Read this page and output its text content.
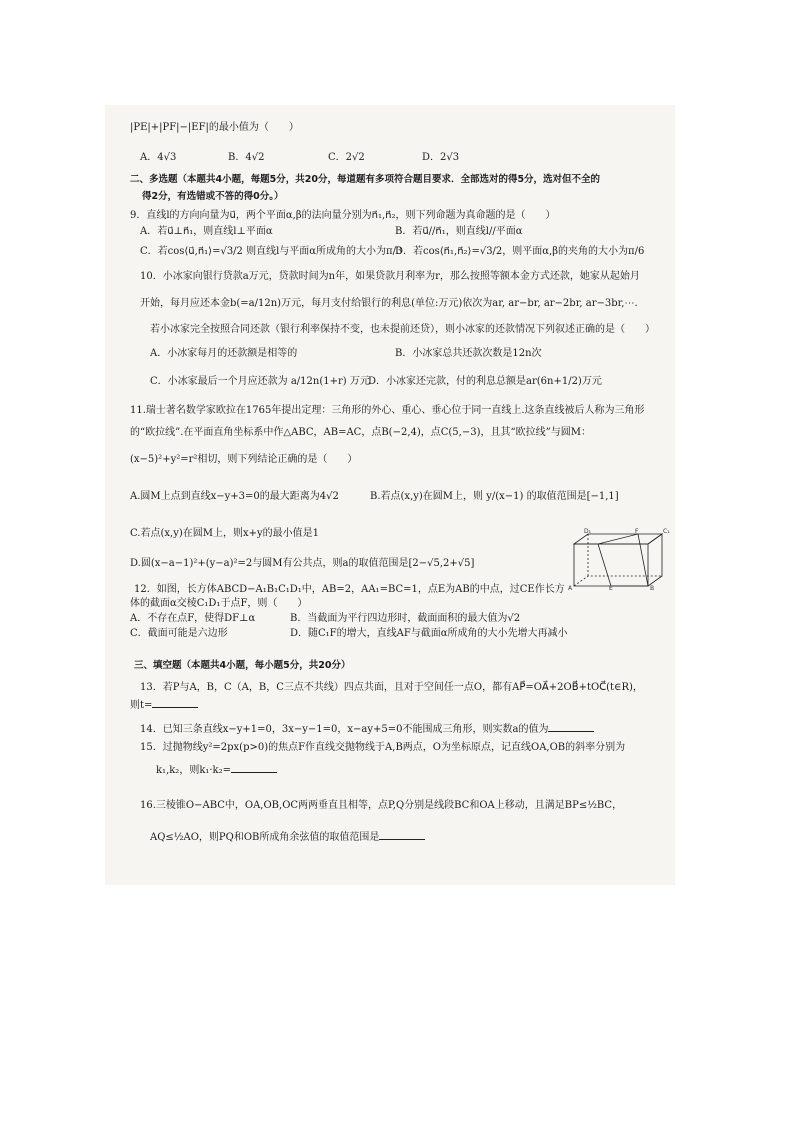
|PE|+|PF|−|EF|的最小值为（　　）
A．4√3	B．4√2	C．2√2	D．2√3
二、多选题（本题共4小题，每题5分，共20分，每道题有多项符合题目要求．全部选对的得5分，选对但不全的
得2分，有选错或不答的得0分。）
9．直线l的方向向量为u⃗，两个平面α,β的法向量分别为n⃗₁,n⃗₂，则下列命题为真命题的是（　　）
A．若u⃗⊥n⃗₁，则直线l⊥平面α	B．若u⃗//n⃗₁，则直线l//平面α
C．若cos⟨u⃗,n⃗₁⟩=√3/2 则直线l与平面α所成角的大小为π/3
D．若cos⟨n⃗₁,n⃗₂⟩=√3/2，则平面α,β的夹角的大小为π/6
10．小冰家向银行贷款a万元，贷款时间为n年，如果贷款月利率为r，那么按照等额本金方式还款，她家从起始月
开始，每月应还本金b(=a/12n)万元，每月支付给银行的利息(单位:万元)依次为ar, ar−br, ar−2br, ar−3br,⋯.
若小冰家完全按照合同还款（银行利率保持不变，也未提前还贷），则小冰家的还款情况下列叙述正确的是（　　）
A．小冰家每月的还款额是相等的	B．小冰家总共还款次数是12n次
C．小冰家最后一个月应还款为 a/12n(1+r) 万元
D．小冰家还完款，付的利息总额是ar(6n+1/2)万元
11.瑞士著名数学家欧拉在1765年提出定理：三角形的外心、重心、垂心位于同一直线上.这条直线被后人称为三角形
的“欧拉线”.在平面直角坐标系中作△ABC，AB=AC，点B(−2,4)，点C(5,−3)，且其“欧拉线”与圆M：
(x−5)²+y²=r²相切，则下列结论正确的是（　　）
A.圆M上点到直线x−y+3=0的最大距离为4√2	B.若点(x,y)在圆M上，则 y/(x−1) 的取值范围是[−1,1]
C.若点(x,y)在圆M上，则x+y的最小值是1
D.圆(x−a−1)²+(y−a)²=2与圆M有公共点，则a的取值范围是[2−√5,2+√5]
12．如图，长方体ABCD−A₁B₁C₁D₁中，AB=2，AA₁=BC=1，点E为AB的中点，过CE作长方
体的截面α交棱C₁D₁于点F，则（　　）
A．不存在点F，使得DF⊥α	B．当截面为平行四边形时，截面面积的最大值为√2
C．截面可能是六边形	D．随C₁F的增大，直线AF与截面α所成角的大小先增大再减小
三、填空题（本题共4小题，每小题5分，共20分）
13．若P与A，B，C（A，B，C三点不共线）四点共面，且对于空间任一点O，都有AP⃗=OA⃗+2OB⃗+tOC⃗(t∈R)，
则t=
14．已知三条直线x−y+1=0，3x−y−1=0，x−ay+5=0不能围成三角形，则实数a的值为
15．过抛物线y²=2px(p>0)的焦点F作直线交抛物线于A,B两点，O为坐标原点，记直线OA,OB的斜率分别为
k₁,k₂，则k₁·k₂=
16.三棱锥O−ABC中，OA,OB,OC两两垂直且相等，点P,Q分别是线段BC和OA上移动，且满足BP≤½BC，
AQ≤½AO，则PQ和OB所成角余弦值的取值范围是
D₁	F	C₁
A	E	B
